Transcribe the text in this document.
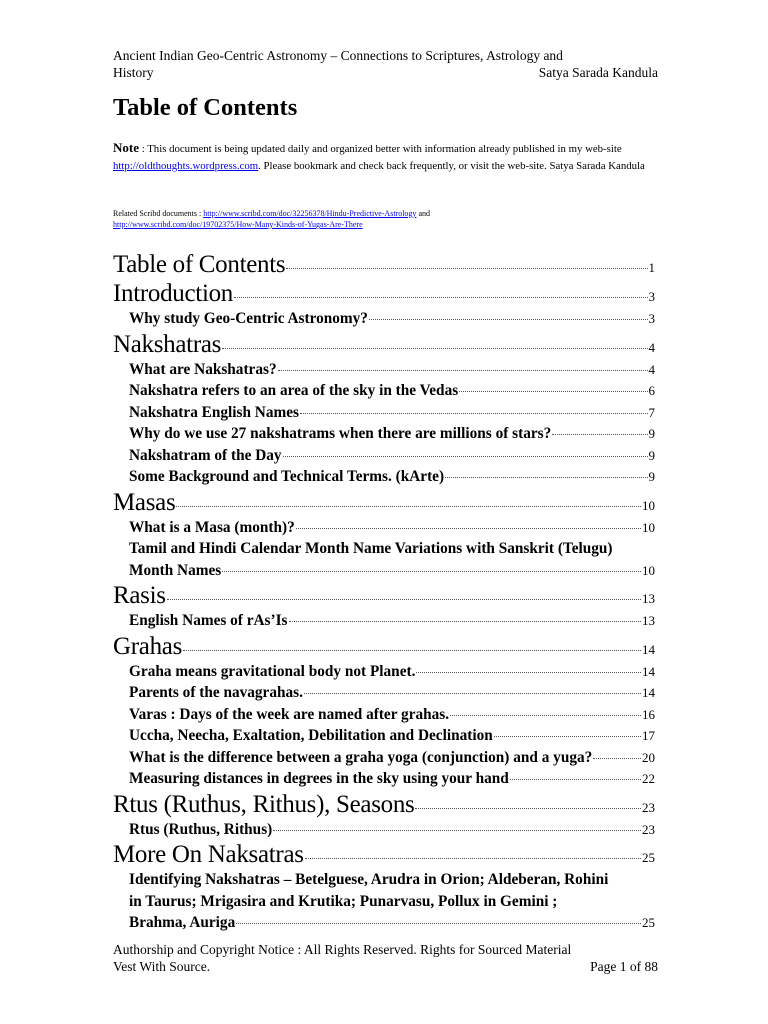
Ancient Indian Geo-Centric Astronomy – Connections to Scriptures, Astrology and
History	Satya Sarada Kandula
Table of Contents
Note : This document is being updated daily and organized better with information already published in my web-site http://oldthoughts.wordpress.com. Please bookmark and check back frequently, or visit the web-site. Satya Sarada Kandula
Related Scribd documents : http://www.scribd.com/doc/32256378/Hindu-Predictive-Astrology and
http://www.scribd.com/doc/19702375/How-Many-Kinds-of-Yugas-Are-There
Table of Contents	1
Introduction	3
Why study Geo-Centric Astronomy?	3
Nakshatras	4
What are Nakshatras?	4
Nakshatra refers to an area of the sky in the Vedas	6
Nakshatra English Names	7
Why do we use 27 nakshatrams when there are millions of stars?	9
Nakshatram of the Day	9
Some Background and Technical Terms. (kArte)	9
Masas	10
What is a Masa (month)?	10
Tamil and Hindi Calendar Month Name Variations with Sanskrit (Telugu)
Month Names	10
Rasis	13
English Names of rAs’Is	13
Grahas	14
Graha means gravitational body not Planet.	14
Parents of the navagrahas.	14
Varas : Days of the week are named after grahas.	16
Uccha, Neecha, Exaltation, Debilitation and Declination	17
What is the difference between a graha yoga (conjunction) and a yuga?	20
Measuring distances in degrees in the sky using your hand	22
Rtus (Ruthus, Rithus), Seasons	23
Rtus (Ruthus, Rithus)	23
More On Naksatras	25
Identifying Nakshatras – Betelguese, Arudra in Orion; Aldeberan, Rohini
in Taurus; Mrigasira and Krutika; Punarvasu, Pollux in Gemini ;
Brahma, Auriga	25
Authorship and Copyright Notice : All Rights Reserved. Rights for Sourced Material
Vest With Source.	Page 1 of 88
